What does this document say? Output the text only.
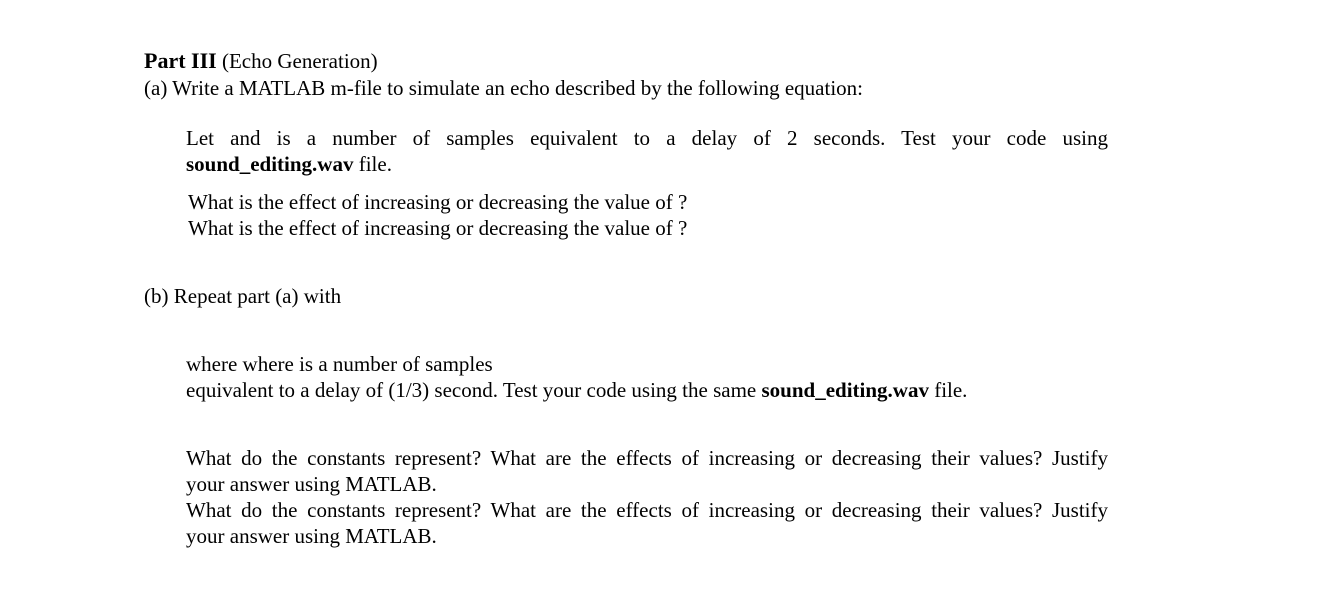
Part III (Echo Generation)
(a) Write a MATLAB m-file to simulate an echo described by the following equation:
Let and is a number of samples equivalent to a delay of 2 seconds. Test your code using
sound_editing.wav file.
What is the effect of increasing or decreasing the value of ?
What is the effect of increasing or decreasing the value of ?
(b) Repeat part (a) with
where where is a number of samples
equivalent to a delay of (1/3) second. Test your code using the same sound_editing.wav file.
What do the constants represent? What are the effects of increasing or decreasing their values? Justify
your answer using MATLAB.
What do the constants represent? What are the effects of increasing or decreasing their values? Justify
your answer using MATLAB.
